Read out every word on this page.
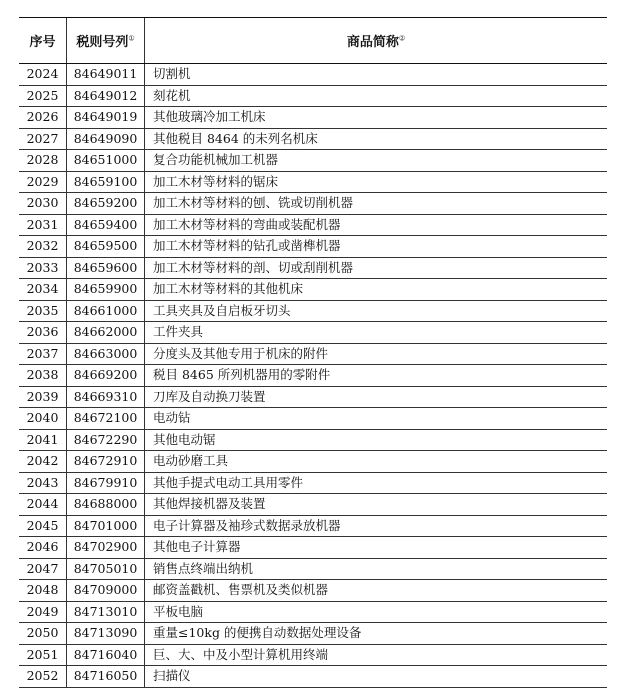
序号	税则号列①	商品简称②
2024	84649011	切割机
2025	84649012	刻花机
2026	84649019	其他玻璃冷加工机床
2027	84649090	其他税目 8464 的未列名机床
2028	84651000	复合功能机械加工机器
2029	84659100	加工木材等材料的锯床
2030	84659200	加工木材等材料的刨、铣或切削机器
2031	84659400	加工木材等材料的弯曲或装配机器
2032	84659500	加工木材等材料的钻孔或凿榫机器
2033	84659600	加工木材等材料的剖、切或刮削机器
2034	84659900	加工木材等材料的其他机床
2035	84661000	工具夹具及自启板牙切头
2036	84662000	工件夹具
2037	84663000	分度头及其他专用于机床的附件
2038	84669200	税目 8465 所列机器用的零附件
2039	84669310	刀库及自动换刀装置
2040	84672100	电动钻
2041	84672290	其他电动锯
2042	84672910	电动砂磨工具
2043	84679910	其他手提式电动工具用零件
2044	84688000	其他焊接机器及装置
2045	84701000	电子计算器及袖珍式数据录放机器
2046	84702900	其他电子计算器
2047	84705010	销售点终端出纳机
2048	84709000	邮资盖戳机、售票机及类似机器
2049	84713010	平板电脑
2050	84713090	重量≤10kg 的便携自动数据处理设备
2051	84716040	巨、大、中及小型计算机用终端
2052	84716050	扫描仪
